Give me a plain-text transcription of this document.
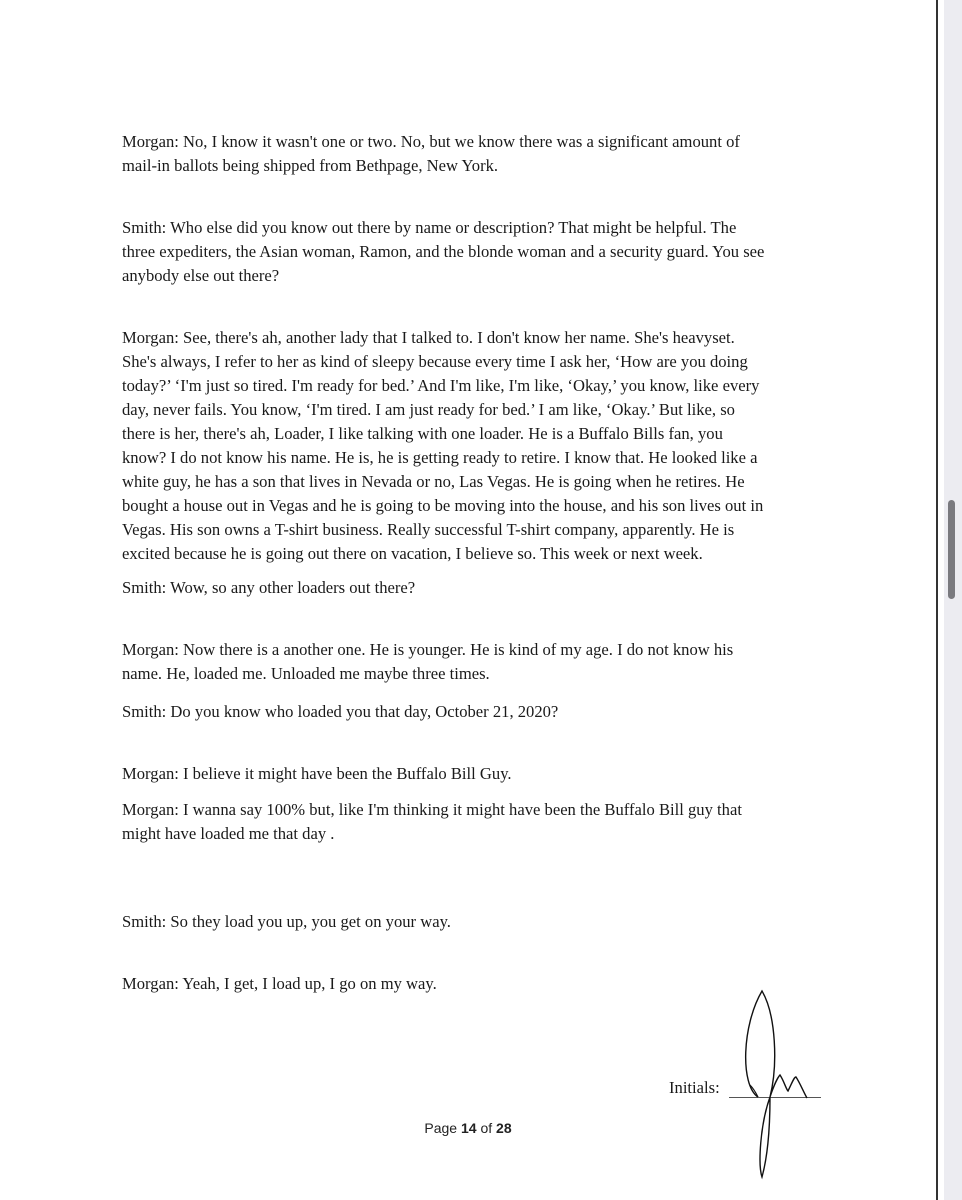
Morgan: No, I know it wasn't one or two. No, but we know there was a significant amount of
mail-in ballots being shipped from Bethpage, New York.
Smith: Who else did you know out there by name or description? That might be helpful. The
three expediters, the Asian woman, Ramon, and the blonde woman and a security guard. You see
anybody else out there?
Morgan: See, there's ah, another lady that I talked to. I don't know her name. She's heavyset.
She's always, I refer to her as kind of sleepy because every time I ask her, ‘How are you doing
today?’ ‘I'm just so tired. I'm ready for bed.’ And I'm like, I'm like, ‘Okay,’ you know, like every
day, never fails. You know, ‘I'm tired. I am just ready for bed.’ I am like, ‘Okay.’ But like, so
there is her, there's ah, Loader, I like talking with one loader. He is a Buffalo Bills fan, you
know? I do not know his name. He is, he is getting ready to retire. I know that. He looked like a
white guy, he has a son that lives in Nevada or no, Las Vegas. He is going when he retires. He
bought a house out in Vegas and he is going to be moving into the house, and his son lives out in
Vegas. His son owns a T-shirt business. Really successful T-shirt company, apparently. He is
excited because he is going out there on vacation, I believe so. This week or next week.
Smith: Wow, so any other loaders out there?
Morgan: Now there is a another one. He is younger. He is kind of my age. I do not know his
name. He, loaded me. Unloaded me maybe three times.
Smith: Do you know who loaded you that day, October 21, 2020?
Morgan: I believe it might have been the Buffalo Bill Guy.
Morgan: I wanna say 100% but, like I'm thinking it might have been the Buffalo Bill guy that
might have loaded me that day .
Smith: So they load you up, you get on your way.
Morgan: Yeah, I get, I load up, I go on my way.
Initials:
Page 14 of 28
